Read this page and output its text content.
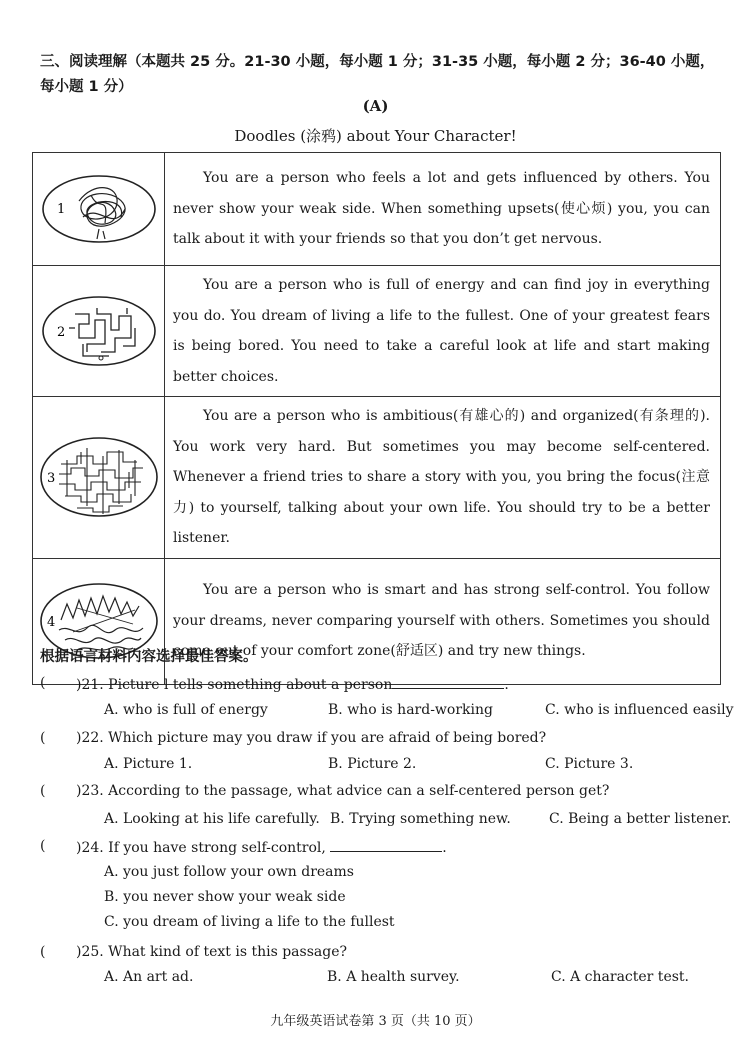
三、阅读理解（本题共 25 分。21-30 小题，每小题 1 分；31-35 小题，每小题 2 分；36-40 小题，每小题 1 分）
(A)
Doodles (涂鸦) about Your Character!
1	You are a person who feels a lot and gets influenced by others. You never show your weak side. When something upsets(使心烦) you, you can talk about it with your friends so that you don’t get nervous.

2	You are a person who is full of energy and can find joy in everything you do. You dream of living a life to the fullest. One of your greatest fears is being bored. You need to take a careful look at life and start making better choices.

3	You are a person who is ambitious(有雄心的) and organized(有条理的). You work very hard. But sometimes you may become self-centered. Whenever a friend tries to share a story with you, you bring the focus(注意力) to yourself, talking about your own life. You should try to be a better listener.

4	You are a person who is smart and has strong self-control. You follow your dreams, never comparing yourself with others. Sometimes you should come out of your comfort zone(舒适区) and try new things.
根据语言材料内容选择最佳答案。
( )21. Picture l tells something about a person	.
A. who is full of energy	B. who is hard-working	C. who is influenced easily
( )22. Which picture may you draw if you are afraid of being bored?
A. Picture 1.	B. Picture 2.	C. Picture 3.
( )23. According to the passage, what advice can a self-centered person get?
A. Looking at his life carefully. B. Trying something new.	C. Being a better listener.
( )24. If you have strong self-control,	.
A. you just follow your own dreams
B. you never show your weak side
C. you dream of living a life to the fullest
( )25. What kind of text is this passage?
A. An art ad.	B. A health survey.	C. A character test.
九年级英语试卷第 3 页（共 10 页）
